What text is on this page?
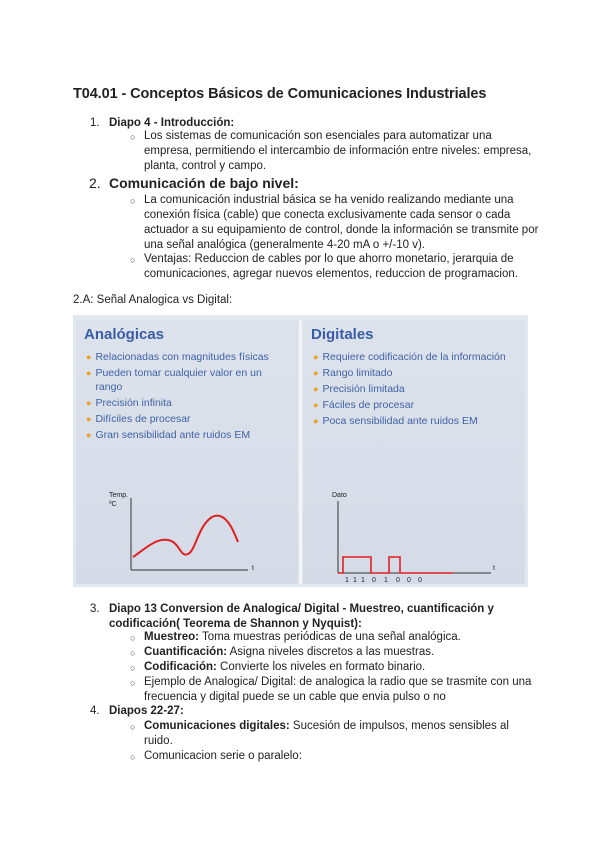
T04.01 - Conceptos Básicos de Comunicaciones Industriales
1. Diapo 4 - Introducción:
○ Los sistemas de comunicación son esenciales para automatizar una
empresa, permitiendo el intercambio de información entre niveles: empresa,
planta, control y campo.
2. Comunicación de bajo nivel:
○ La comunicación industrial básica se ha venido realizando mediante una
conexión física (cable) que conecta exclusivamente cada sensor o cada
actuador a su equipamiento de control, donde la información se transmite por
una señal analógica (generalmente 4-20 mA o +/-10 v).
○ Ventajas: Reduccion de cables por lo que ahorro monetario, jerarquia de
comunicaciones, agregar nuevos elementos, reduccion de programacion.
2.A: Señal Analogica vs Digital:
Analógicas
● Relacionadas con magnitudes físicas
● Pueden tomar cualquier valor en un rango
● Precisión infinita
● Difíciles de procesar
● Gran sensibilidad ante ruidos EM
Temp.
ºC
t
Digitales
● Requiere codificación de la información
● Rango limitado
● Precisión limitada
● Fáciles de procesar
● Poca sensibilidad ante ruidos EM
Dato
t
1 1 1 0 1 0 0 0
3. Diapo 13 Conversion de Analogica/ Digital - Muestreo, cuantificación y
codificación( Teorema de Shannon y Nyquist):
○ Muestreo: Toma muestras periódicas de una señal analógica.
○ Cuantificación: Asigna niveles discretos a las muestras.
○ Codificación: Convierte los niveles en formato binario.
○ Ejemplo de Analogica/ Digital: de analogica la radio que se trasmite con una
frecuencia y digital puede se un cable que envia pulso o no
4. Diapos 22-27:
○ Comunicaciones digitales: Sucesión de impulsos, menos sensibles al
ruido.
○ Comunicacion serie o paralelo:
